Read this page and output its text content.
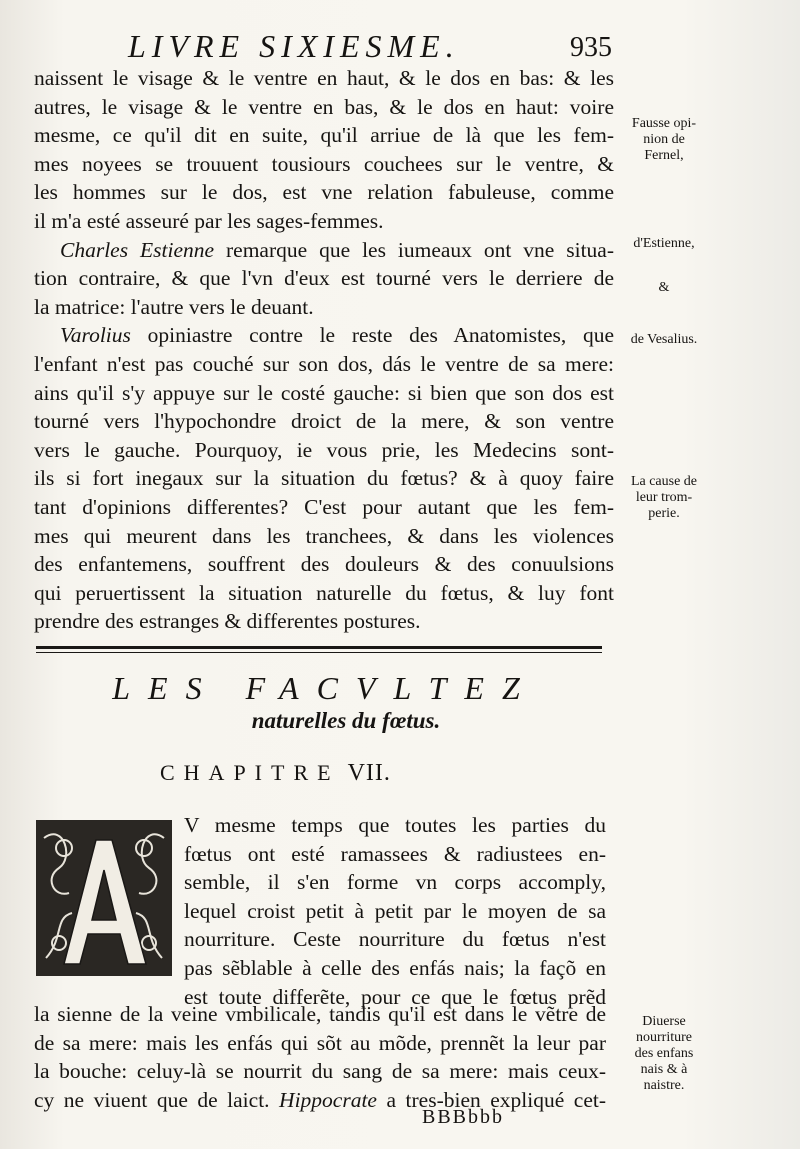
LIVRE SIXIESME.	935
naissent le visage & le ventre en haut, & le dos en bas: & les
autres, le visage & le ventre en bas, & le dos en haut: voire
mesme, ce qu'il dit en suite, qu'il arriue de là que les fem-
mes noyees se trouuent tousiours couchees sur le ventre, &
les hommes sur le dos, est vne relation fabuleuse, comme
il m'a esté asseuré par les sages-femmes.
Charles Estienne remarque que les iumeaux ont vne situa-
tion contraire, & que l'vn d'eux est tourné vers le derriere de
la matrice: l'autre vers le deuant.
Varolius opiniastre contre le reste des Anatomistes, que
l'enfant n'est pas couché sur son dos, dás le ventre de sa mere:
ains qu'il s'y appuye sur le costé gauche: si bien que son dos est
tourné vers l'hypochondre droict de la mere, & son ventre
vers le gauche. Pourquoy, ie vous prie, les Medecins sont-
ils si fort inegaux sur la situation du fœtus? & à quoy faire
tant d'opinions differentes? C'est pour autant que les fem-
mes qui meurent dans les tranchees, & dans les violences
des enfantemens, souffrent des douleurs & des conuulsions
qui peruertissent la situation naturelle du fœtus, & luy font
prendre des estranges & differentes postures.
Fausse opi-
nion de
Fernel,
d'Estienne,
&
de Vesalius.
La cause de
leur trom-
perie.
Diuerse
nourriture
des enfans
nais & à
naistre.
LES FACVLTEZ
naturelles du fœtus.
CHAPITRE VII.
V mesme temps que toutes les parties du
fœtus ont esté ramassees & radiustees en-
semble, il s'en forme vn corps accomply,
lequel croist petit à petit par le moyen de sa
nourriture. Ceste nourriture du fœtus n'est
pas sẽblable à celle des enfás nais; la façõ en
est toute differẽte, pour ce que le fœtus prẽd
la sienne de la veine vmbilicale, tandis qu'il est dans le vẽtre de
de sa mere: mais les enfás qui sõt au mõde, prennẽt la leur par
la bouche: celuy-là se nourrit du sang de sa mere: mais ceux-
cy ne viuent que de laict. Hippocrate a tres-bien expliqué cet-
BBBbbb
